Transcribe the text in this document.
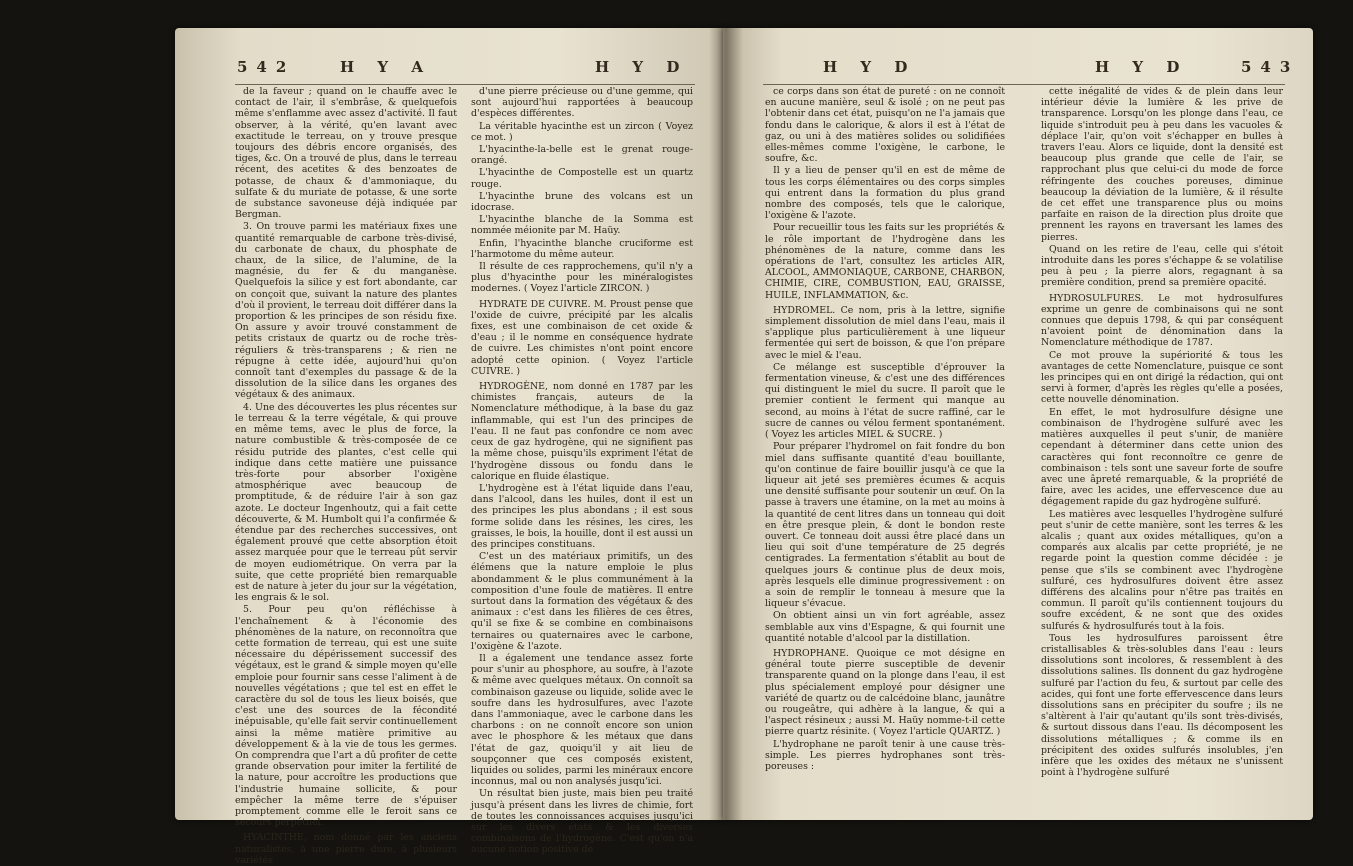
542	H Y A	H Y D

de la faveur ; quand on le chauffe avec le contact de l'air, il s'embrâse, & quelquefois même s'enflamme avec assez d'activité. Il faut observer, à la vérité, qu'en lavant avec exactitude le terreau, on y trouve presque toujours des débris encore organisés, des tiges, &c. On a trouvé de plus, dans le terreau récent, des acetites & des benzoates de potasse, de chaux & d'ammoniaque, du sulfate & du muriate de potasse, & une sorte de substance savoneuse déjà indiquée par Bergman.

3. On trouve parmi les matériaux fixes une quantité remarquable de carbone très-divisé, du carbonate de chaux, du phosphate de chaux, de la silice, de l'alumine, de la magnésie, du fer & du manganèse. Quelquefois la silice y est fort abondante, car on conçoit que, suivant la nature des plantes d'où il provient, le terreau doit différer dans la proportion & les principes de son résidu fixe. On assure y avoir trouvé constamment de petits cristaux de quartz ou de roche très-réguliers & très-transparens ; & rien ne répugne à cette idée, aujourd'hui qu'on connoît tant d'exemples du passage & de la dissolution de la silice dans les organes des végétaux & des animaux.

4. Une des découvertes les plus récentes sur le terreau & la terre végétale, & qui prouve en même tems, avec le plus de force, la nature combustible & très-composée de ce résidu putride des plantes, c'est celle qui indique dans cette matière une puissance très-forte pour absorber l'oxigène atmosphérique avec beaucoup de promptitude, & de réduire l'air à son gaz azote. Le docteur Ingenhoutz, qui a fait cette découverte, & M. Humbolt qui l'a confirmée & étendue par des recherches successives, ont également prouvé que cette absorption étoit assez marquée pour que le terreau pût servir de moyen eudiométrique. On verra par la suite, que cette propriété bien remarquable est de nature à jeter du jour sur la végétation, les engrais & le sol.

5. Pour peu qu'on réfléchisse à l'enchaînement & à l'économie des phénomènes de la nature, on reconnoîtra que cette formation de terreau, qui est une suite nécessaire du dépérissement successif des végétaux, est le grand & simple moyen qu'elle emploie pour fournir sans cesse l'aliment à de nouvelles végétations ; que tel est en effet le caractère du sol de tous les lieux boisés, que c'est une des sources de la fécondité inépuisable, qu'elle fait servir continuellement ainsi la même matière primitive au développement & à la vie de tous les germes. On comprendra que l'art a dû profiter de cette grande observation pour imiter la fertilité de la nature, pour accroître les productions que l'industrie humaine sollicite, & pour empêcher la même terre de s'épuiser promptement comme elle le feroit sans ce secours perpétuel.

HYACINTHE, nom donné par les anciens naturalistes, à une pierre dure, à plusieurs variétés

d'une pierre précieuse ou d'une gemme, qui sont aujourd'hui rapportées à beaucoup d'espèces différentes.

La véritable hyacinthe est un zircon ( Voyez ce mot. )

L'hyacinthe-la-belle est le grenat rouge-orangé.

L'hyacinthe de Compostelle est un quartz rouge.

L'hyacinthe brune des volcans est un idocrase.

L'hyacinthe blanche de la Somma est nommée méionite par M. Haüy.

Enfin, l'hyacinthe blanche cruciforme est l'harmotome du même auteur.

Il résulte de ces rapprochemens, qu'il n'y a plus d'hyacinthe pour les minéralogistes modernes. ( Voyez l'article ZIRCON. )

HYDRATE DE CUIVRE. M. Proust pense que l'oxide de cuivre, précipité par les alcalis fixes, est une combinaison de cet oxide & d'eau ; il le nomme en conséquence hydrate de cuivre. Les chimistes n'ont point encore adopté cette opinion. ( Voyez l'article CUIVRE. )

HYDROGÈNE, nom donné en 1787 par les chimistes français, auteurs de la Nomenclature méthodique, à la base du gaz inflammable, qui est l'un des principes de l'eau. Il ne faut pas confondre ce nom avec ceux de gaz hydrogène, qui ne signifient pas la même chose, puisqu'ils expriment l'état de l'hydrogène dissous ou fondu dans le calorique en fluide élastique.

L'hydrogène est à l'état liquide dans l'eau, dans l'alcool, dans les huiles, dont il est un des principes les plus abondans ; il est sous forme solide dans les résines, les cires, les graisses, le bois, la houille, dont il est aussi un des principes constituans.

C'est un des matériaux primitifs, un des élémens que la nature emploie le plus abondamment & le plus communément à la composition d'une foule de matières. Il entre surtout dans la formation des végétaux & des animaux : c'est dans les filières de ces êtres, qu'il se fixe & se combine en combinaisons ternaires ou quaternaires avec le carbone, l'oxigène & l'azote.

Il a également une tendance assez forte pour s'unir au phosphore, au soufre, à l'azote & même avec quelques métaux. On connoît sa combinaison gazeuse ou liquide, solide avec le soufre dans les hydrosulfures, avec l'azote dans l'ammoniaque, avec le carbone dans les charbons : on ne connoît encore son union avec le phosphore & les métaux que dans l'état de gaz, quoiqu'il y ait lieu de soupçonner que ces composés existent, liquides ou solides, parmi les minéraux encore inconnus, mal ou non analysés jusqu'ici.

Un résultat bien juste, mais bien peu traité jusqu'à présent dans les livres de chimie, fort de toutes les connoissances acquises jusqu'ici sur les divers états & les diverses combinaisons de l'hydrogène. C'est qu'on n'a aucune notion positive de

H Y D	H Y D	543

ce corps dans son état de pureté : on ne connoît en aucune manière, seul & isolé ; on ne peut pas l'obtenir dans cet état, puisqu'on ne l'a jamais que fondu dans le calorique, & alors il est à l'état de gaz, ou uni à des matières solides ou solidifiées elles-mêmes comme l'oxigène, le carbone, le soufre, &c.

Il y a lieu de penser qu'il en est de même de tous les corps élémentaires ou des corps simples qui entrent dans la formation du plus grand nombre des composés, tels que le calorique, l'oxigène & l'azote.

Pour recueillir tous les faits sur les propriétés & le rôle important de l'hydrogène dans les phénomènes de la nature, comme dans les opérations de l'art, consultez les articles AIR, ALCOOL, AMMONIAQUE, CARBONE, CHARBON, CHIMIE, CIRE, COMBUSTION, EAU, GRAISSE, HUILE, INFLAMMATION, &c.

HYDROMEL. Ce nom, pris à la lettre, signifie simplement dissolution de miel dans l'eau, mais il s'applique plus particulièrement à une liqueur fermentée qui sert de boisson, & que l'on prépare avec le miel & l'eau.

Ce mélange est susceptible d'éprouver la fermentation vineuse, & c'est une des différences qui distinguent le miel du sucre. Il paroît que le premier contient le ferment qui manque au second, au moins à l'état de sucre raffiné, car le sucre de cannes ou vélou ferment spontanément. ( Voyez les articles MIEL & SUCRE. )

Pour préparer l'hydromel on fait fondre du bon miel dans suffisante quantité d'eau bouillante, qu'on continue de faire bouillir jusqu'à ce que la liqueur ait jeté ses premières écumes & acquis une densité suffisante pour soutenir un œuf. On la passe à travers une étamine, on la met au moins à la quantité de cent litres dans un tonneau qui doit en être presque plein, & dont le bondon reste ouvert. Ce tonneau doit aussi être placé dans un lieu qui soit d'une température de 25 degrés centigrades. La fermentation s'établit au bout de quelques jours & continue plus de deux mois, après lesquels elle diminue progressivement : on a soin de remplir le tonneau à mesure que la liqueur s'évacue.

On obtient ainsi un vin fort agréable, assez semblable aux vins d'Espagne, & qui fournit une quantité notable d'alcool par la distillation.

HYDROPHANE. Quoique ce mot désigne en général toute pierre susceptible de devenir transparente quand on la plonge dans l'eau, il est plus spécialement employé pour désigner une variété de quartz ou de calcédoine blanc, jaunâtre ou rougeâtre, qui adhère à la langue, & qui a l'aspect résineux ; aussi M. Haüy nomme-t-il cette pierre quartz résinite. ( Voyez l'article QUARTZ. )

L'hydrophane ne paroît tenir à une cause très-simple. Les pierres hydrophanes sont très-poreuses :

cette inégalité de vides & de plein dans leur intérieur dévie la lumière & les prive de transparence. Lorsqu'on les plonge dans l'eau, ce liquide s'introduit peu à peu dans les vacuoles & déplace l'air, qu'on voit s'échapper en bulles à travers l'eau. Alors ce liquide, dont la densité est beaucoup plus grande que celle de l'air, se rapprochant plus que celui-ci du mode de force réfringente des couches poreuses, diminue beaucoup la déviation de la lumière, & il résulte de cet effet une transparence plus ou moins parfaite en raison de la direction plus droite que prennent les rayons en traversant les lames des pierres.

Quand on les retire de l'eau, celle qui s'étoit introduite dans les pores s'échappe & se volatilise peu à peu ; la pierre alors, regagnant à sa première condition, prend sa première opacité.

HYDROSULFURES. Le mot hydrosulfures exprime un genre de combinaisons qui ne sont connues que depuis 1798, & qui par conséquent n'avoient point de dénomination dans la Nomenclature méthodique de 1787.

Ce mot prouve la supériorité & tous les avantages de cette Nomenclature, puisque ce sont les principes qui en ont dirigé la rédaction, qui ont servi à former, d'après les règles qu'elle a posées, cette nouvelle dénomination.

En effet, le mot hydrosulfure désigne une combinaison de l'hydrogène sulfuré avec les matières auxquelles il peut s'unir, de manière cependant à déterminer dans cette union des caractères qui font reconnoître ce genre de combinaison : tels sont une saveur forte de soufre avec une âpreté remarquable, & la propriété de faire, avec les acides, une effervescence due au dégagement rapide du gaz hydrogène sulfuré.

Les matières avec lesquelles l'hydrogène sulfuré peut s'unir de cette manière, sont les terres & les alcalis ; quant aux oxides métalliques, qu'on a comparés aux alcalis par cette propriété, je ne regarde point la question comme décidée : je pense que s'ils se combinent avec l'hydrogène sulfuré, ces hydrosulfures doivent être assez différens des alcalins pour n'être pas traités en commun. Il paroît qu'ils contiennent toujours du soufre excédent, & ne sont que des oxides sulfurés & hydrosulfurés tout à la fois.

Tous les hydrosulfures paroissent être cristallisables & très-solubles dans l'eau : leurs dissolutions sont incolores, & ressemblent à des dissolutions salines. Ils donnent du gaz hydrogène sulfuré par l'action du feu, & surtout par celle des acides, qui font une forte effervescence dans leurs dissolutions sans en précipiter du soufre ; ils ne s'altèrent à l'air qu'autant qu'ils sont très-divisés, & surtout dissous dans l'eau. Ils décomposent les dissolutions métalliques ; & comme ils en précipitent des oxides sulfurés insolubles, j'en infère que les oxides des métaux ne s'unissent point à l'hydrogène sulfuré
